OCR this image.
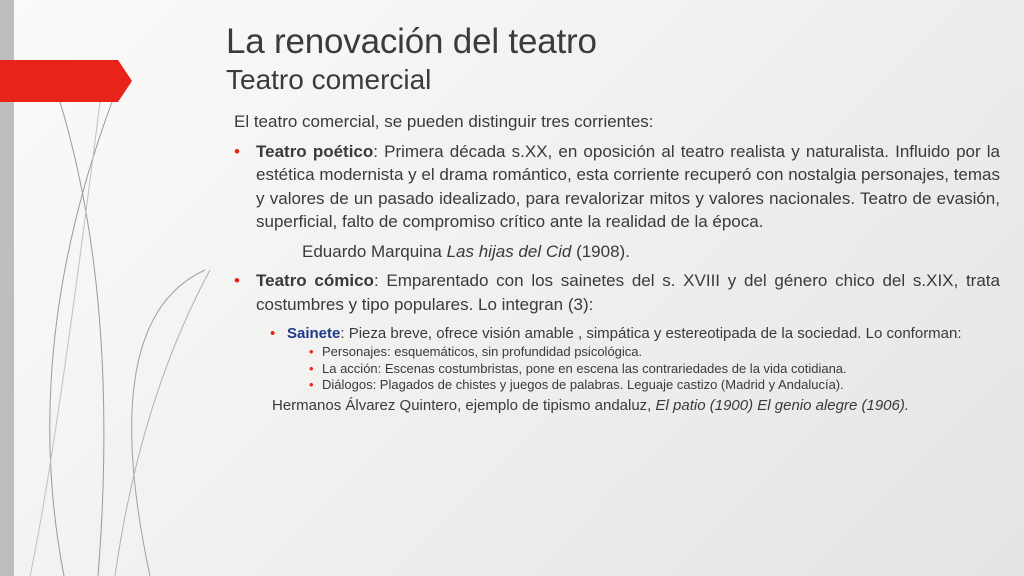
La renovación del teatro
Teatro comercial
El teatro comercial, se pueden distinguir tres corrientes:
• Teatro poético: Primera década s.XX, en oposición al teatro realista y naturalista. Influido por la estética modernista y el drama romántico, esta corriente recuperó con nostalgia personajes, temas y valores de un pasado idealizado, para revalorizar mitos y valores nacionales. Teatro de evasión, superficial, falto de compromiso crítico ante la realidad de la época.
Eduardo Marquina Las hijas del Cid (1908).
• Teatro cómico: Emparentado con los sainetes del s. XVIII y del género chico del s.XIX, trata costumbres y tipo populares. Lo integran (3):
• Sainete: Pieza breve, ofrece visión amable , simpática y estereotipada de la sociedad. Lo conforman:
• Personajes: esquemáticos, sin profundidad psicológica.
• La acción: Escenas costumbristas, pone en escena las contrariedades de la vida cotidiana.
• Diálogos: Plagados de chistes y juegos de palabras. Leguaje castizo (Madrid y Andalucía).
Hermanos Álvarez Quintero, ejemplo de tipismo andaluz, El patio (1900) El genio alegre (1906).
